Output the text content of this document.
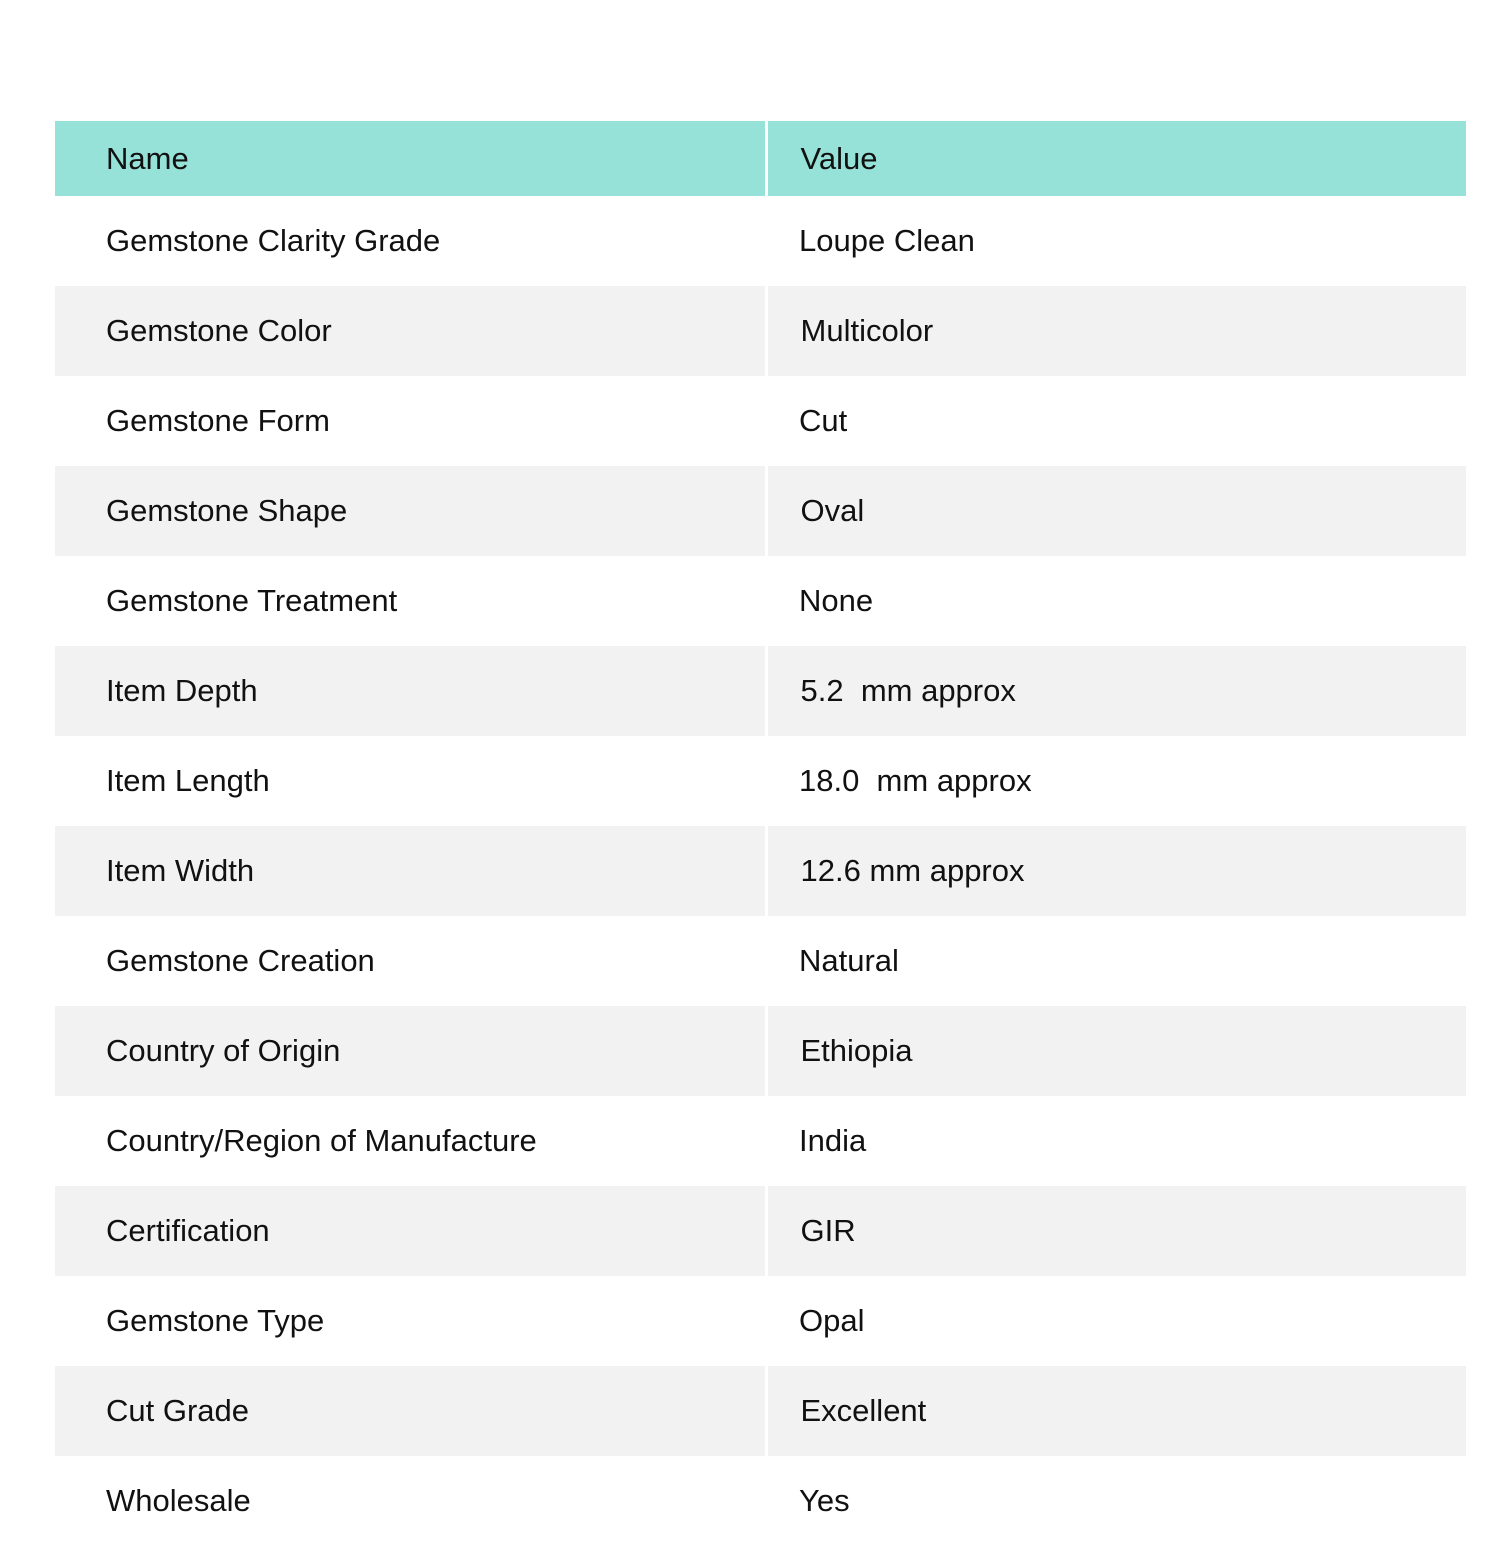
Name	Value
Gemstone Clarity Grade	Loupe Clean
Gemstone Color	Multicolor
Gemstone Form	Cut
Gemstone Shape	Oval
Gemstone Treatment	None
Item Depth	5.2  mm approx
Item Length	18.0  mm approx
Item Width	12.6 mm approx
Gemstone Creation	Natural
Country of Origin	Ethiopia
Country/Region of Manufacture	India
Certification	GIR
Gemstone Type	Opal
Cut Grade	Excellent
Wholesale	Yes
